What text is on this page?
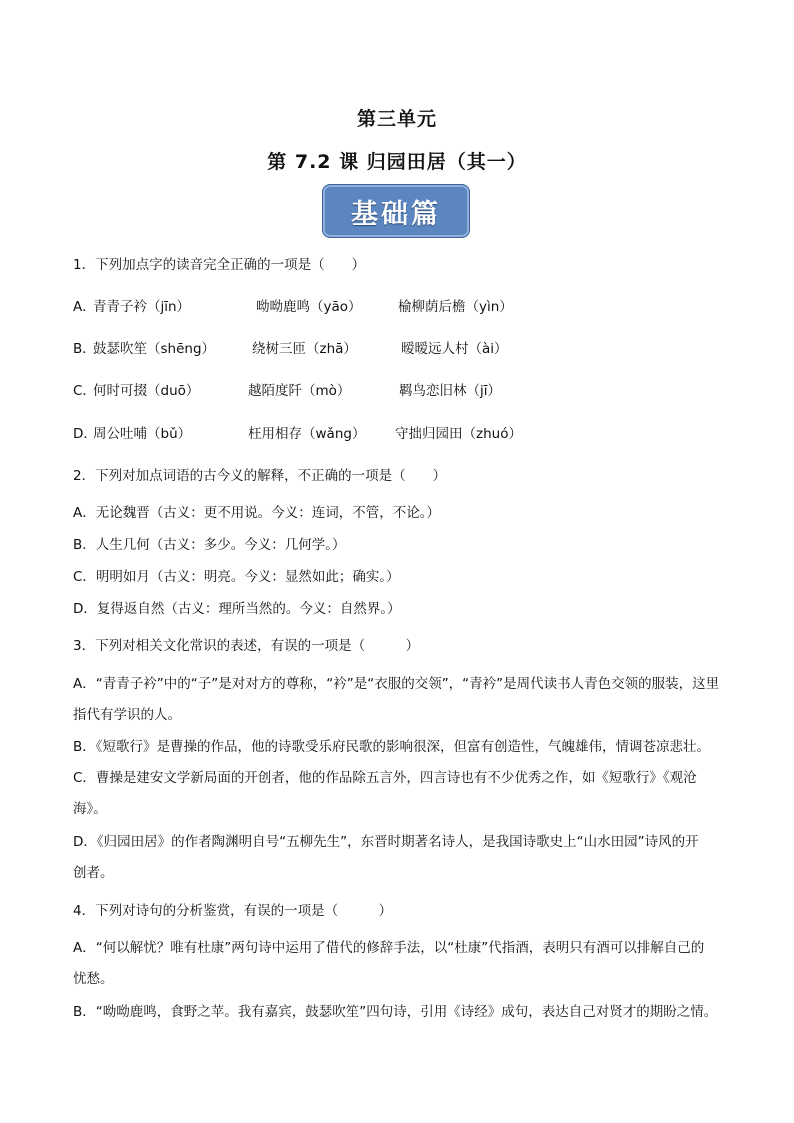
第三单元
第 7.2 课 归园田居（其一）
基础篇
1．下列加点字的读音完全正确的一项是（　　）
A．
青青子衿（jīn）	呦呦鹿鸣（yāo）	榆柳荫后檐（yìn）
B．
鼓瑟吹笙（shēng）	绕树三匝（zhā）	暧暧远人村（ài）
C．
何时可掇（duō）	越陌度阡（mò）	羁鸟恋旧林（jī）
D．
周公吐哺（bǔ）	枉用相存（wǎng） 守拙归园田（zhuó）
2．下列对加点词语的古今义的解释，不正确的一项是（　　）
A．无论魏晋（古义：更不用说。今义：连词，不管，不论。）
B．人生几何（古义：多少。今义：几何学。）
C．明明如月（古义：明亮。今义：显然如此；确实。）
D．复得返自然（古义：理所当然的。今义：自然界。）
3．下列对相关文化常识的表述，有误的一项是（　　　）
A．“青青子衿”中的“子”是对对方的尊称，“衿”是“衣服的交领”，“青衿”是周代读书人青色交领的服装，这里
指代有学识的人。
B．《短歌行》是曹操的作品，他的诗歌受乐府民歌的影响很深，但富有创造性，气魄雄伟，情调苍凉悲壮。
C．曹操是建安文学新局面的开创者，他的作品除五言外，四言诗也有不少优秀之作，如《短歌行》《观沧
海》。
D．《归园田居》的作者陶渊明自号“五柳先生”，东晋时期著名诗人，是我国诗歌史上“山水田园”诗风的开
创者。
4．下列对诗句的分析鉴赏，有误的一项是（　　　）
A．“何以解忧？唯有杜康”两句诗中运用了借代的修辞手法，以“杜康”代指酒，表明只有酒可以排解自己的
忧愁。
B．“呦呦鹿鸣，食野之苹。我有嘉宾，鼓瑟吹笙”四句诗，引用《诗经》成句，表达自己对贤才的期盼之情。
